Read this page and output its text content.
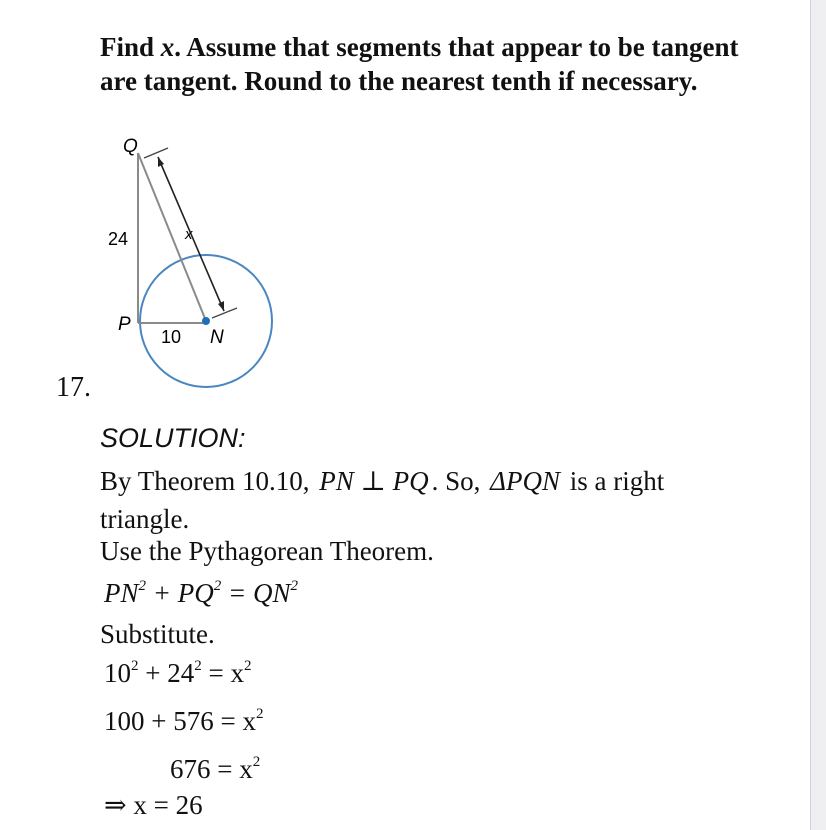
Find x. Assume that segments that appear to be tangent are tangent. Round to the nearest tenth if necessary.
Q
24	x
P
10 N
17.
SOLUTION:
By Theorem 10.10, PN ⊥ PQ . So, ΔPQN is a right
triangle.
Use the Pythagorean Theorem.
$PN^2 + PQ^2 = QN^2$
Substitute.
$10^2 + 24^2 = x^2$
$100 + 576 = x^2$
$676 = x^2$
⇒ x = 26
